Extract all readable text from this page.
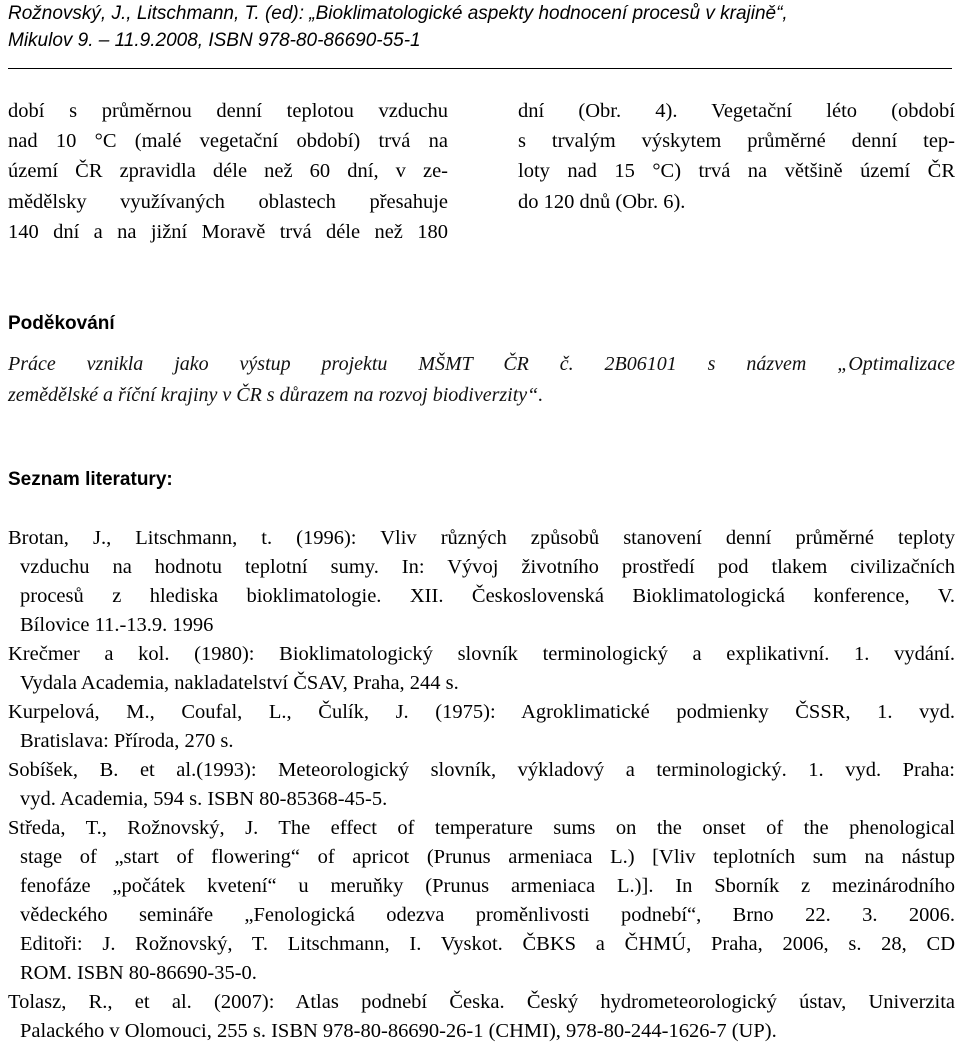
Rožnovský, J., Litschmann, T. (ed): „Bioklimatologické aspekty hodnocení procesů v krajině“,
Mikulov 9. – 11.9.2008, ISBN 978-80-86690-55-1
dobí s průměrnou denní teplotou vzduchu
nad 10 °C (malé vegetační období) trvá na
území ČR zpravidla déle než 60 dní, v ze-
mědělsky využívaných oblastech přesahuje
140 dní a na jižní Moravě trvá déle než 180
dní (Obr. 4). Vegetační léto (období
s trvalým výskytem průměrné denní tep-
loty nad 15 °C) trvá na většině území ČR
do 120 dnů (Obr. 6).
Poděkování
Práce vznikla jako výstup projektu MŠMT ČR č. 2B06101 s názvem „Optimalizace
zemědělské a říční krajiny v ČR s důrazem na rozvoj biodiverzity“.
Seznam literatury:
Brotan, J., Litschmann, t. (1996): Vliv různých způsobů stanovení denní průměrné teploty
vzduchu na hodnotu teplotní sumy. In: Vývoj životního prostředí pod tlakem civilizačních
procesů z hlediska bioklimatologie. XII. Československá Bioklimatologická konference, V.
Bílovice 11.-13.9. 1996
Krečmer a kol. (1980): Bioklimatologický slovník terminologický a explikativní. 1. vydání.
Vydala Academia, nakladatelství ČSAV, Praha, 244 s.
Kurpelová, M., Coufal, L., Čulík, J. (1975): Agroklimatické podmienky ČSSR, 1. vyd.
Bratislava: Příroda, 270 s.
Sobíšek, B. et al.(1993): Meteorologický slovník, výkladový a terminologický. 1. vyd. Praha:
vyd. Academia, 594 s. ISBN 80-85368-45-5.
Středa, T., Rožnovský, J. The effect of temperature sums on the onset of the phenological
stage of „start of flowering“ of apricot (Prunus armeniaca L.) [Vliv teplotních sum na nástup
fenofáze „počátek kvetení“ u meruňky (Prunus armeniaca L.)]. In Sborník z mezinárodního
vědeckého semináře „Fenologická odezva proměnlivosti podnebí“, Brno 22. 3. 2006.
Editoři: J. Rožnovský, T. Litschmann, I. Vyskot. ČBKS a ČHMÚ, Praha, 2006, s. 28, CD
ROM. ISBN 80-86690-35-0.
Tolasz, R., et al. (2007): Atlas podnebí Česka. Český hydrometeorologický ústav, Univerzita
Palackého v Olomouci, 255 s. ISBN 978-80-86690-26-1 (CHMI), 978-80-244-1626-7 (UP).
